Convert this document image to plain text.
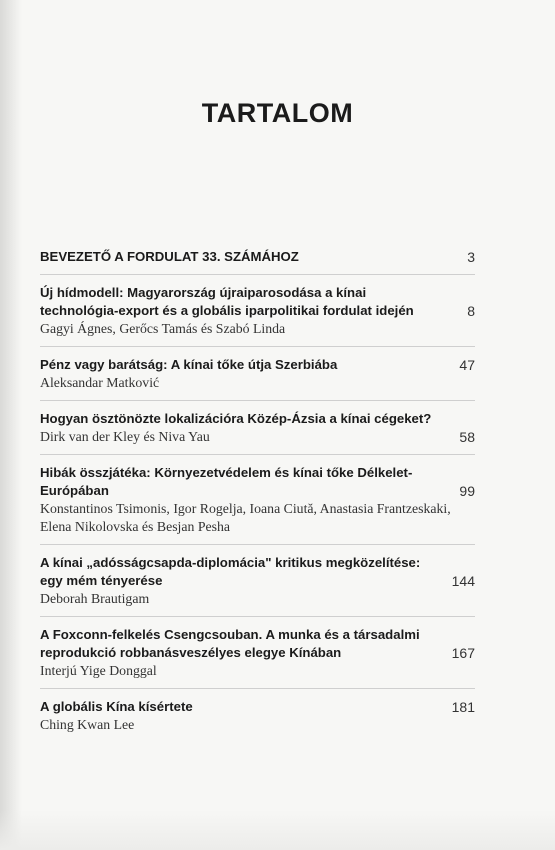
TARTALOM
BEVEZETŐ A FORDULAT 33. SZÁMÁHOZ	3
Új hídmodell: Magyarország újraiparosodása a kínai technológia-export és a globális iparpolitikai fordulat idején
Gagyi Ágnes, Gerőcs Tamás és Szabó Linda
8
Pénz vagy barátság: A kínai tőke útja Szerbiába
Aleksandar Matković
47
Hogyan ösztönözte lokalizációra Közép-Ázsia a kínai cégeket?
Dirk van der Kley és Niva Yau	58
Hibák összjátéka: Környezetvédelem és kínai tőke Délkelet-Európában
Konstantinos Tsimonis, Igor Rogelja, Ioana Ciută, Anastasia Frantzeskaki, Elena Nikolovska és Besjan Pesha
99
A kínai „adósságcsapda-diplomácia" kritikus megközelítése: egy mém tényerése
Deborah Brautigam
144
A Foxconn-felkelés Csengcsouban. A munka és a társadalmi reprodukció robbanásveszélyes elegye Kínában
Interjú Yige Donggal
167
A globális Kína kísértete
Ching Kwan Lee
181
